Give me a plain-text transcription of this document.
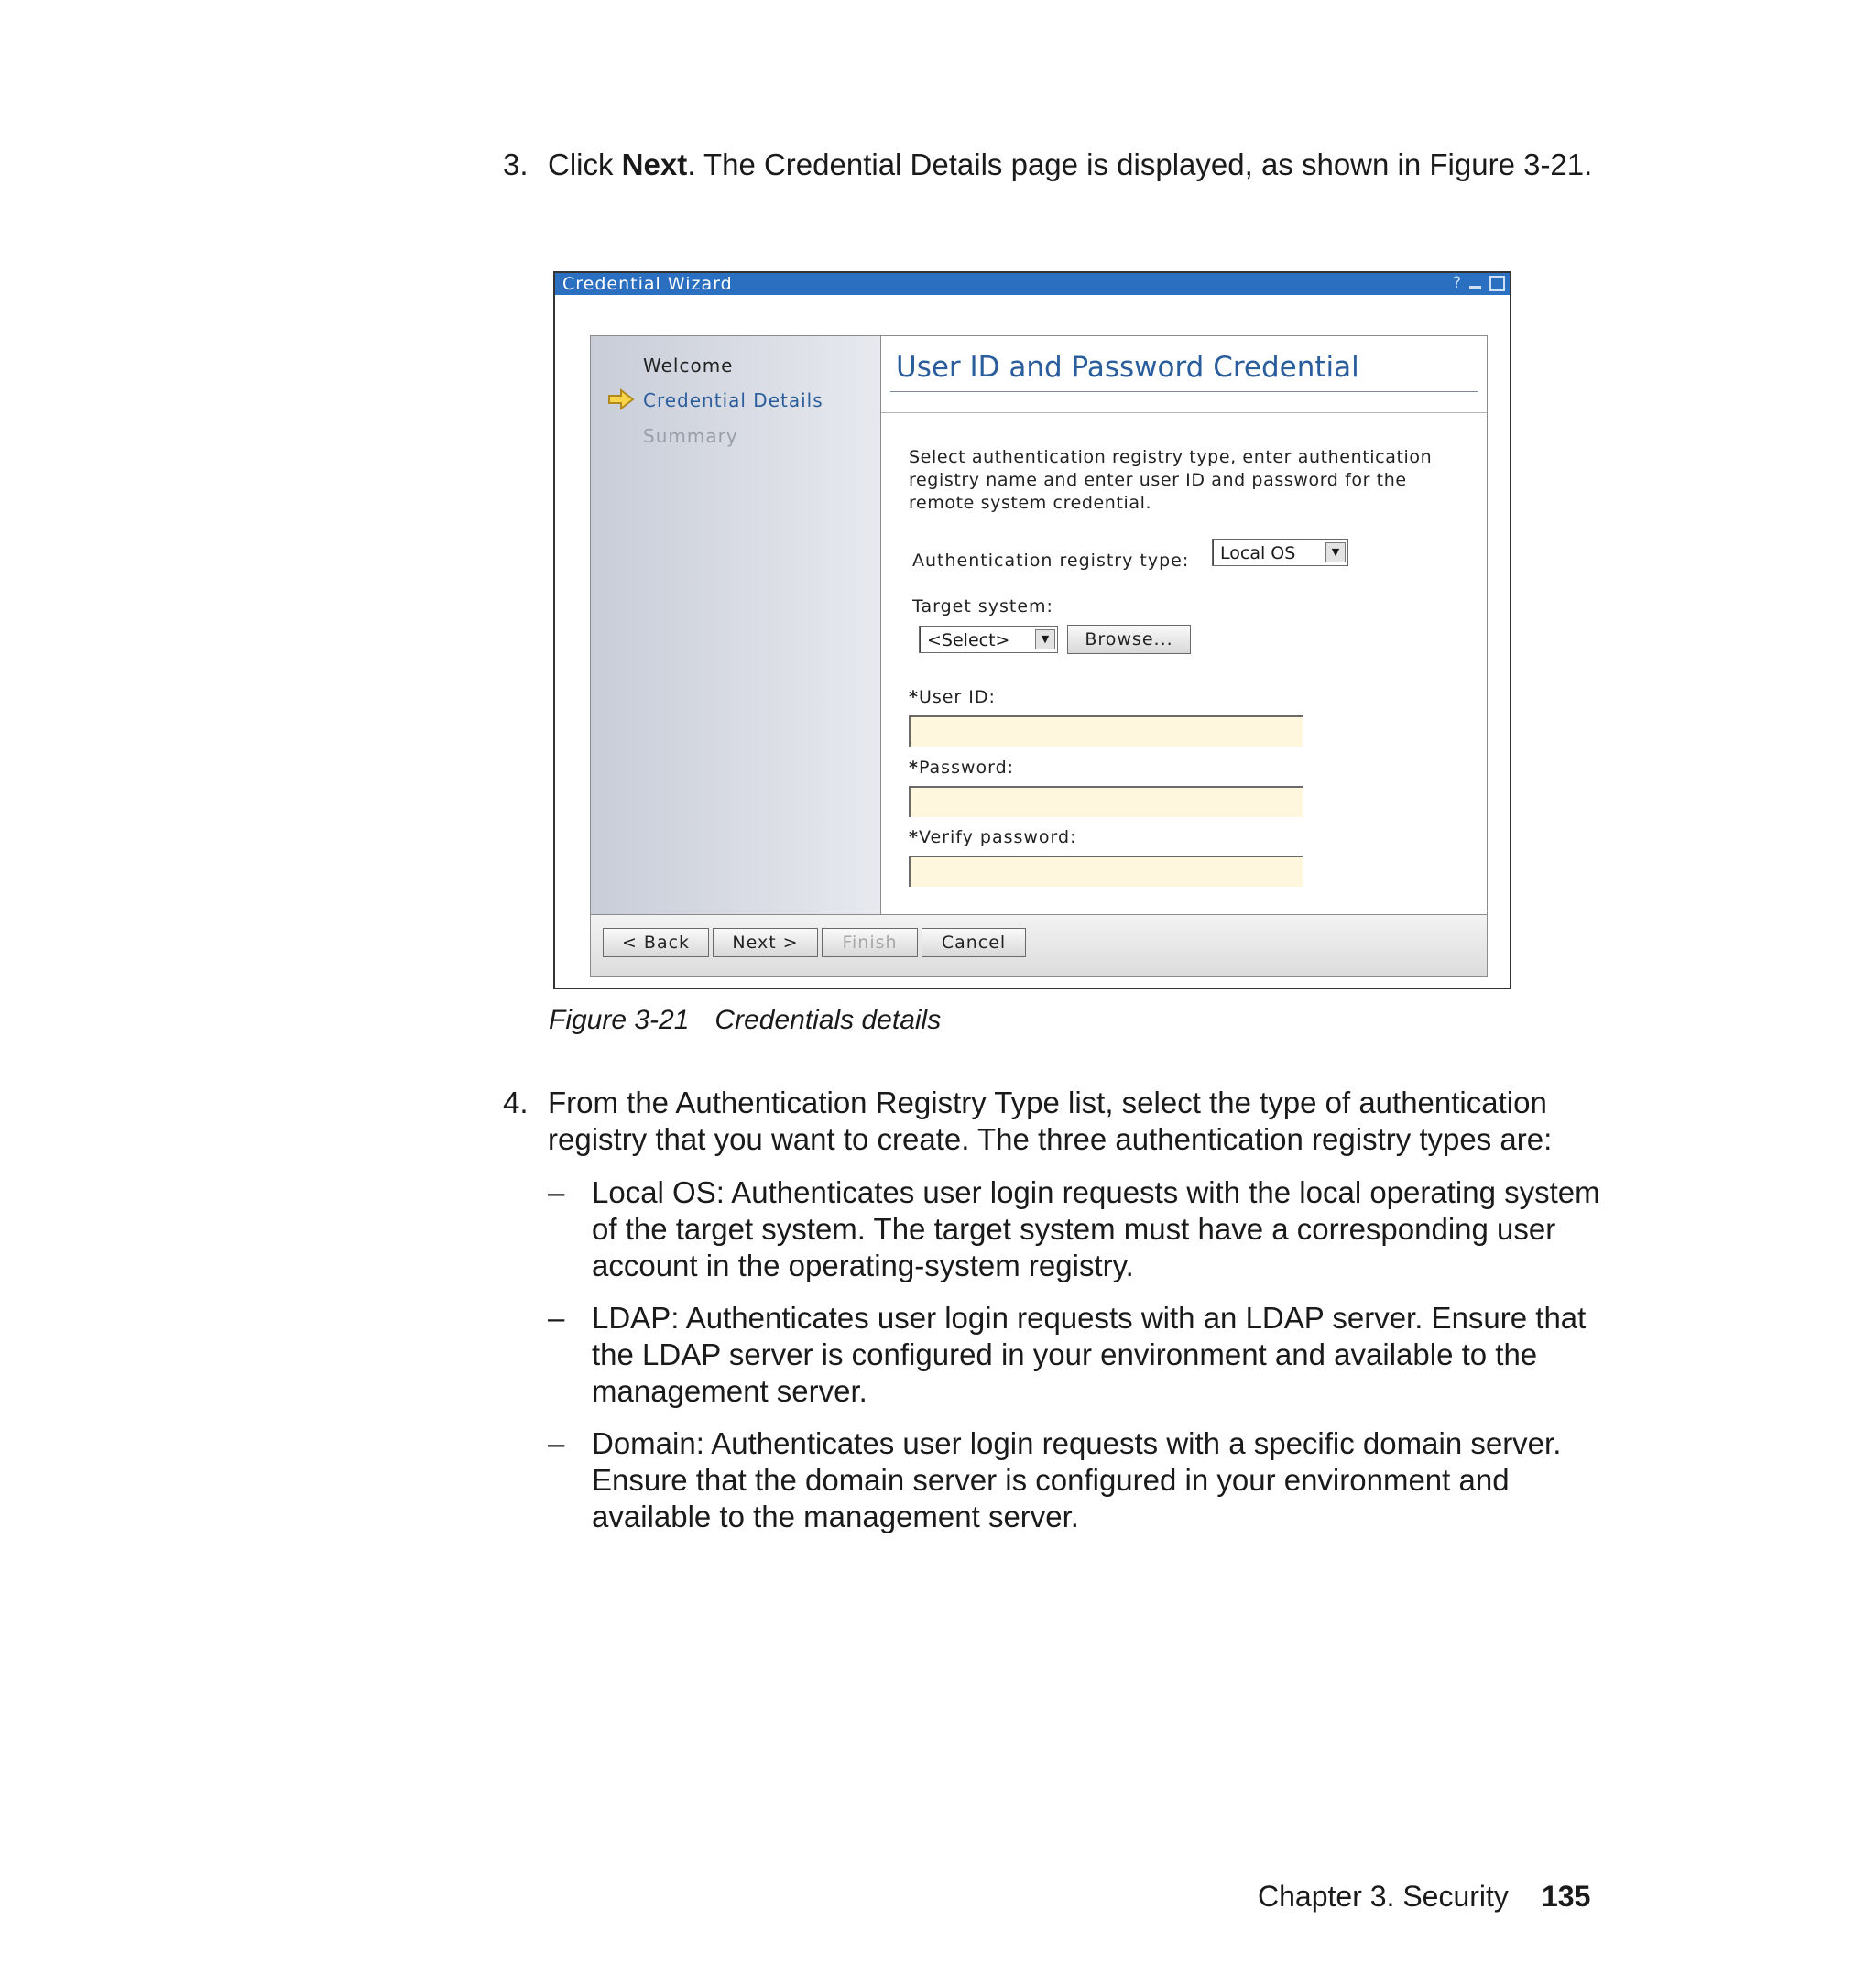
3. Click Next. The Credential Details page is displayed, as shown in Figure 3-21.
Credential Wizard	?
Welcome
Credential Details
Summary
User ID and Password Credential
Select authentication registry type, enter authentication registry name and enter user ID and password for the remote system credential.
Authentication registry type:	Local OS	▼
Target system:
<Select>	▼	Browse...
*User ID:
*Password:
*Verify password:
< Back	Next >	Finish	Cancel
Figure 3-21 Credentials details
4. From the Authentication Registry Type list, select the type of authentication registry that you want to create. The three authentication registry types are:
– Local OS: Authenticates user login requests with the local operating system of the target system. The target system must have a corresponding user account in the operating-system registry.
– LDAP: Authenticates user login requests with an LDAP server. Ensure that the LDAP server is configured in your environment and available to the management server.
– Domain: Authenticates user login requests with a specific domain server. Ensure that the domain server is configured in your environment and available to the management server.
Chapter 3. Security 135
